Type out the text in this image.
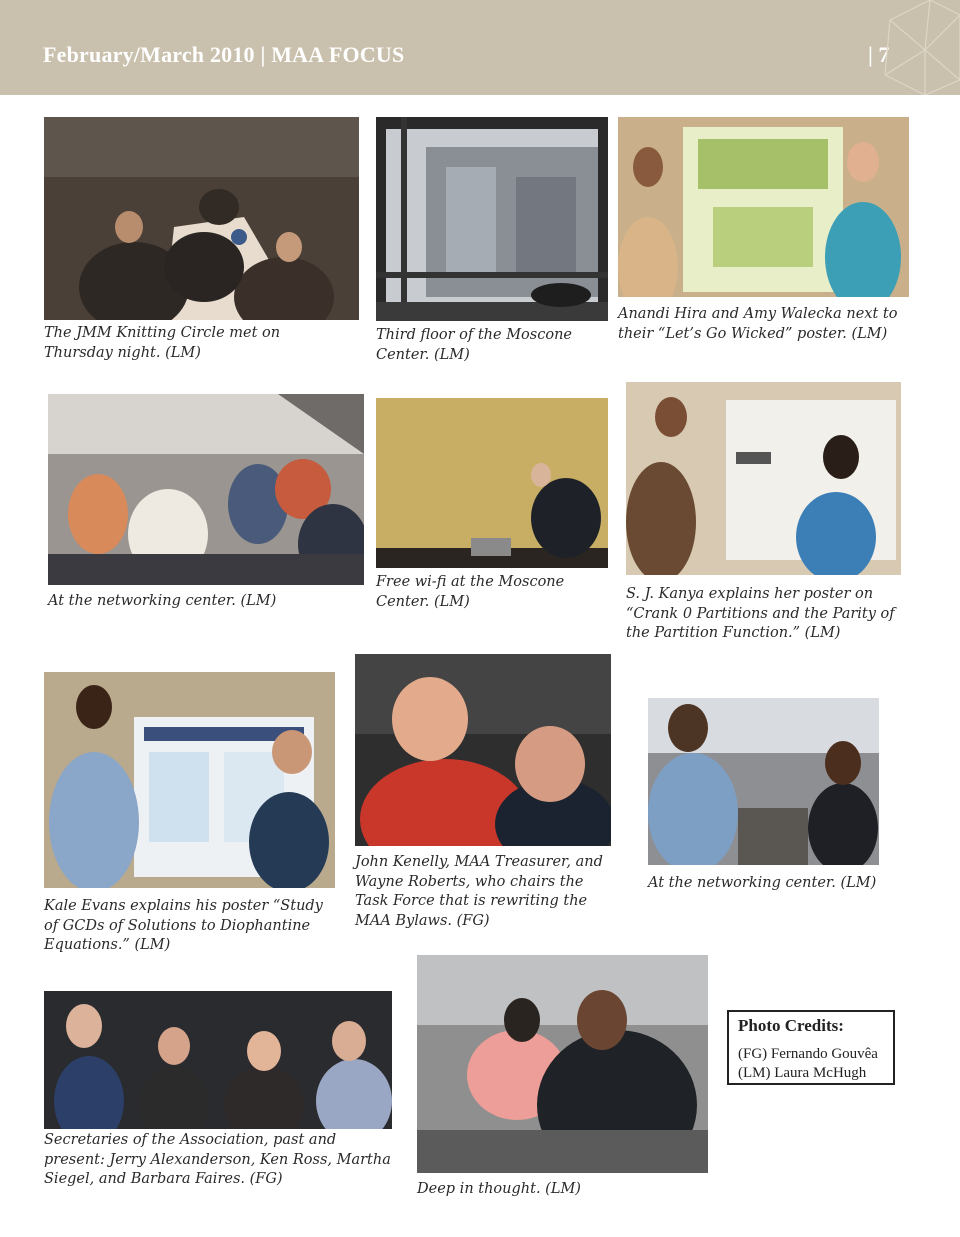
February/March 2010 | MAA FOCUS	| 7
The JMM Knitting Circle met on Thursday night. (LM)
Third floor of the Moscone Center. (LM)
Anandi Hira and Amy Walecka next to their “Let’s Go Wicked” poster. (LM)
At the networking center. (LM)
Free wi-fi at the Moscone Center. (LM)	S. J. Kanya explains her poster on “Crank 0 Partitions and the Parity of the Partition Function.” (LM)
Kale Evans explains his poster “Study of GCDs of Solutions to Diophantine Equations.” (LM)
John Kenelly, MAA Treasurer, and Wayne Roberts, who chairs the Task Force that is rewriting the MAA Bylaws. (FG)
At the networking center. (LM)
Secretaries of the Association, past and present: Jerry Alexanderson, Ken Ross, Martha Siegel, and Barbara Faires. (FG)
Deep in thought. (LM)
Photo Credits:
(FG) Fernando Gouvêa
(LM) Laura McHugh
